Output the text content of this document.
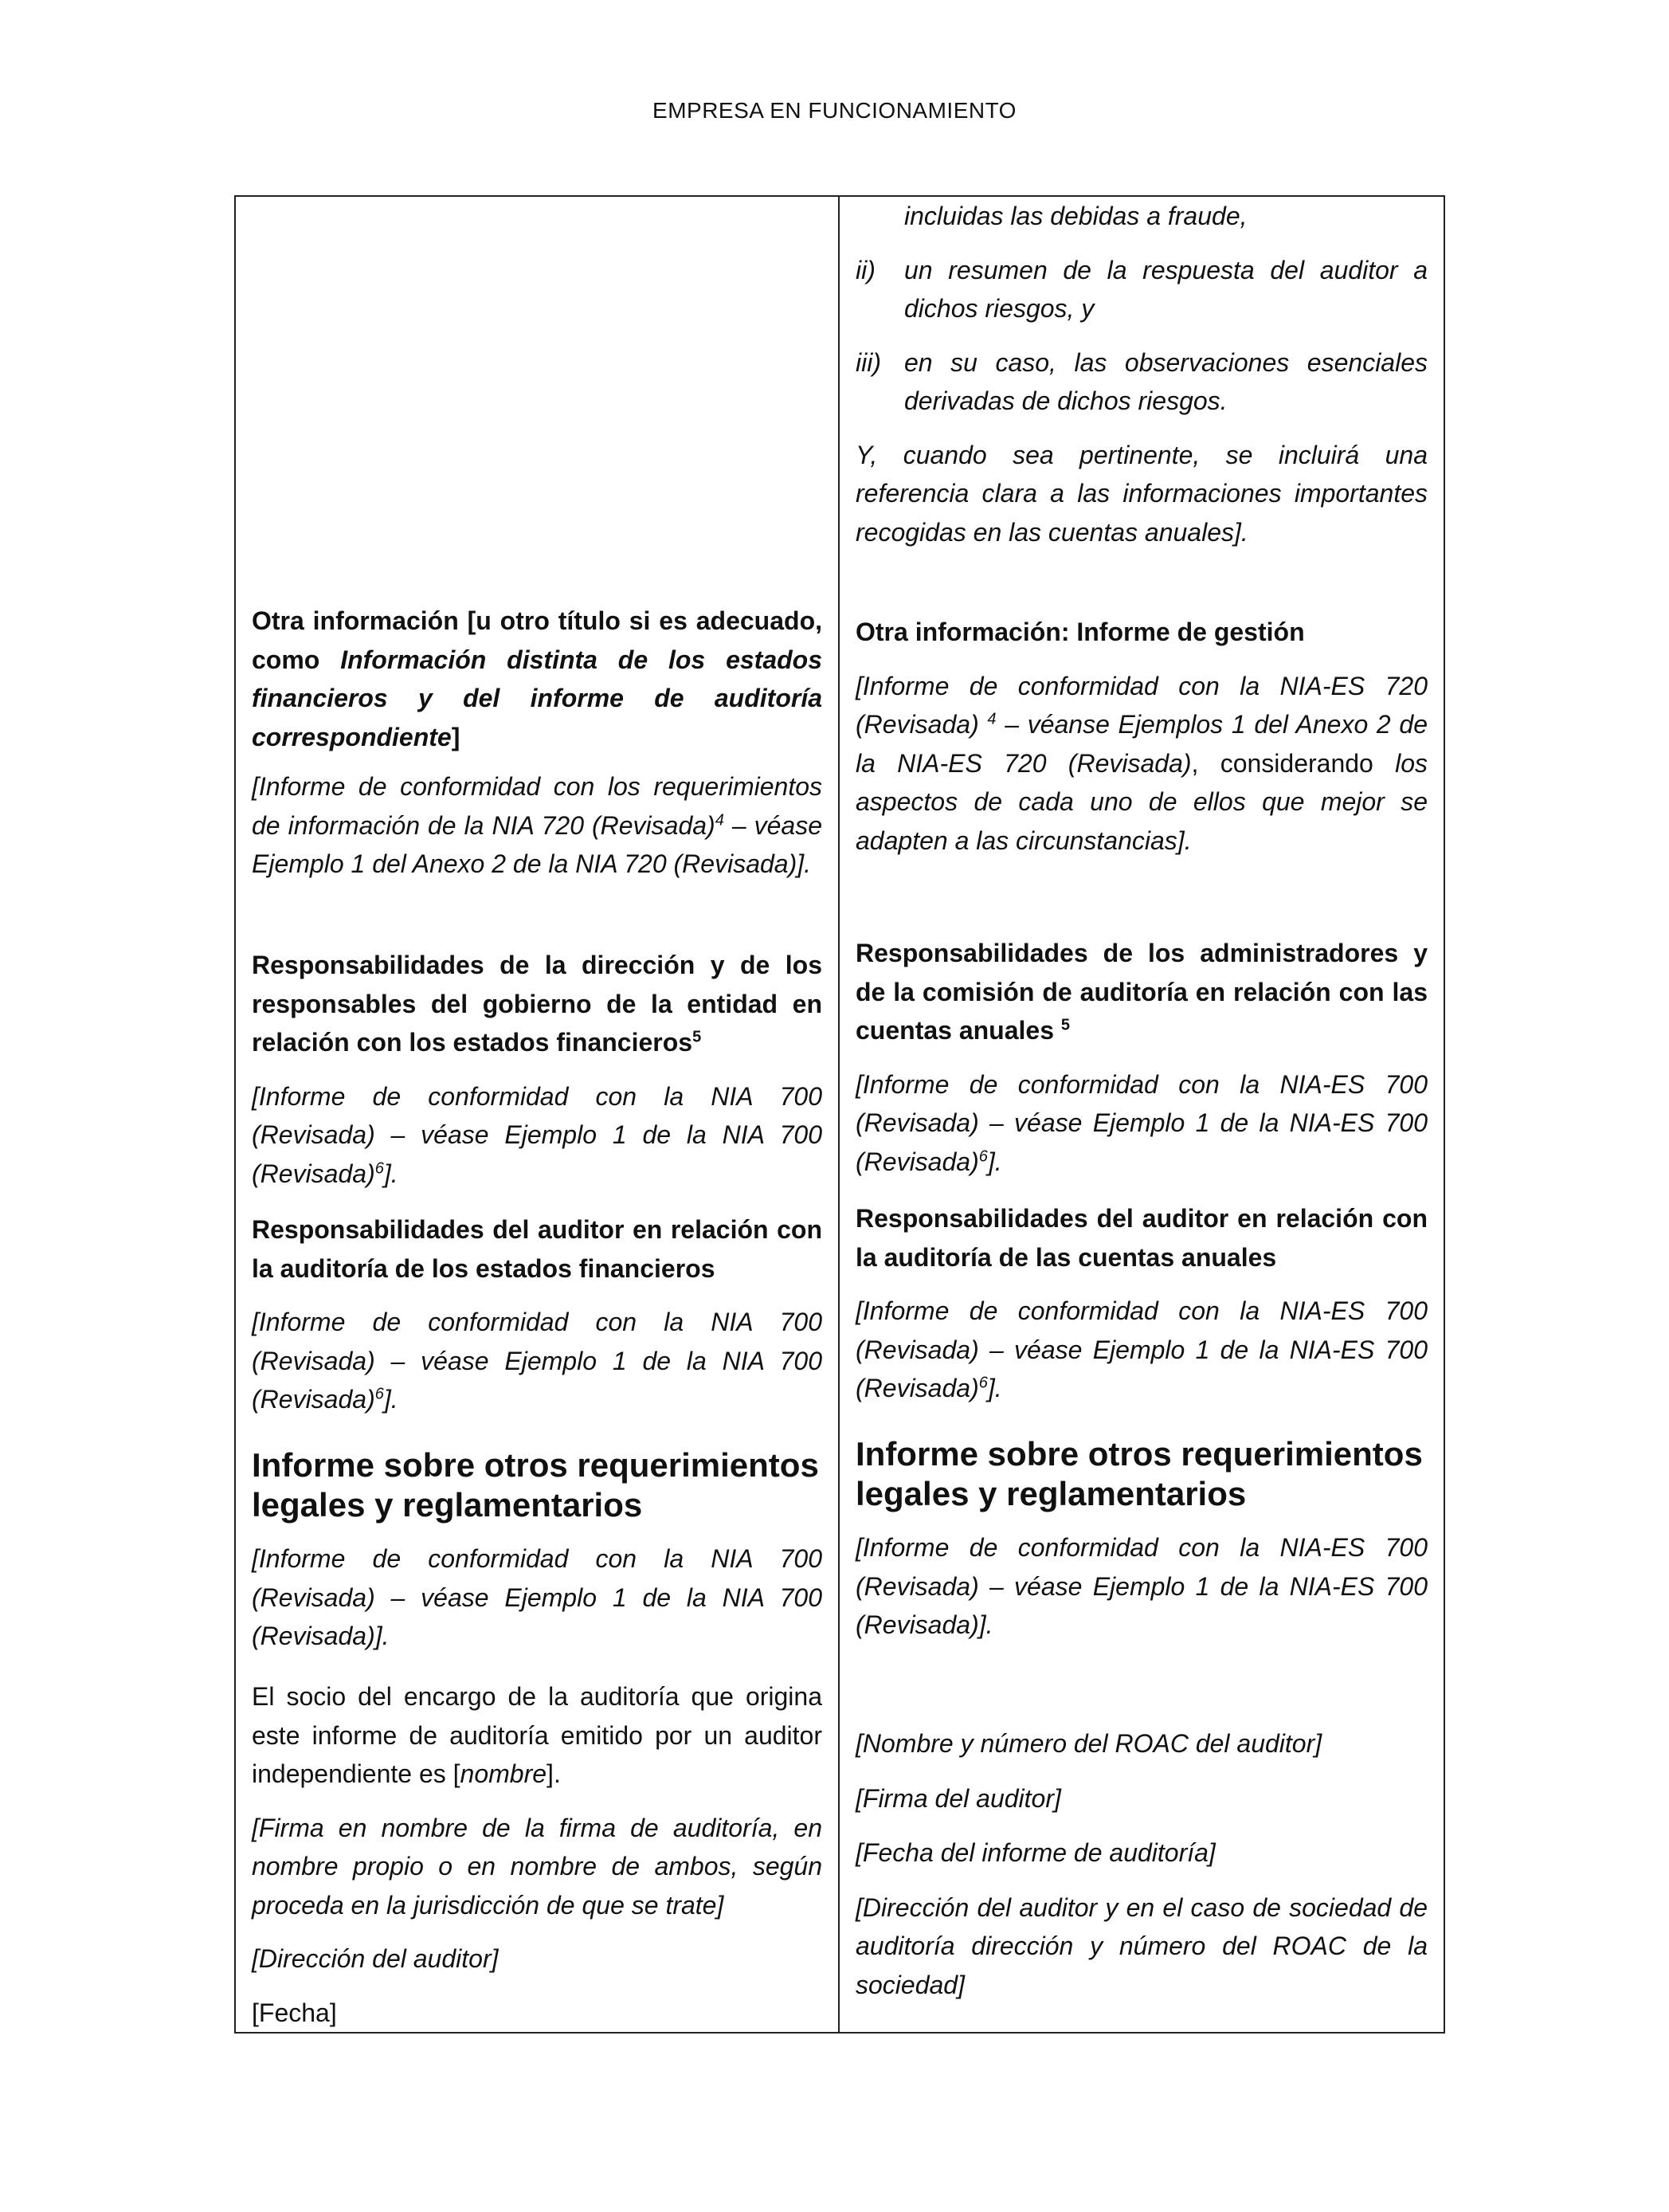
EMPRESA EN FUNCIONAMIENTO

Otra información [u otro título si es adecuado, como Información distinta de los estados financieros y del informe de auditoría correspondiente]

[Informe de conformidad con los requerimientos de información de la NIA 720 (Revisada)$^4$ – véase Ejemplo 1 del Anexo 2 de la NIA 720 (Revisada)].

Responsabilidades de la dirección y de los responsables del gobierno de la entidad en relación con los estados financieros$^5$

[Informe de conformidad con la NIA 700 (Revisada) – véase Ejemplo 1 de la NIA 700 (Revisada)$^6$].

Responsabilidades del auditor en relación con la auditoría de los estados financieros

[Informe de conformidad con la NIA 700 (Revisada) – véase Ejemplo 1 de la NIA 700 (Revisada)$^6$].

Informe sobre otros requerimientos legales y reglamentarios

[Informe de conformidad con la NIA 700 (Revisada) – véase Ejemplo 1 de la NIA 700 (Revisada)].

El socio del encargo de la auditoría que origina este informe de auditoría emitido por un auditor independiente es [nombre].

[Firma en nombre de la firma de auditoría, en nombre propio o en nombre de ambos, según proceda en la jurisdicción de que se trate]

[Dirección del auditor]

[Fecha]

incluidas las debidas a fraude,

ii)	un resumen de la respuesta del auditor a dichos riesgos, y

iii) en su caso, las observaciones esenciales derivadas de dichos riesgos.

Y, cuando sea pertinente, se incluirá una referencia clara a las informaciones importantes recogidas en las cuentas anuales].

Otra información: Informe de gestión

[Informe de conformidad con la NIA-ES 720 (Revisada) $^4$ – véanse Ejemplos 1 del Anexo 2 de la NIA-ES 720 (Revisada), considerando los aspectos de cada uno de ellos que mejor se adapten a las circunstancias].

Responsabilidades de los administradores y de la comisión de auditoría en relación con las cuentas anuales $^5$

[Informe de conformidad con la NIA-ES 700 (Revisada) – véase Ejemplo 1 de la NIA-ES 700 (Revisada)$^6$].

Responsabilidades del auditor en relación con la auditoría de las cuentas anuales

[Informe de conformidad con la NIA-ES 700 (Revisada) – véase Ejemplo 1 de la NIA-ES 700 (Revisada)$^6$].

Informe sobre otros requerimientos legales y reglamentarios

[Informe de conformidad con la NIA-ES 700 (Revisada) – véase Ejemplo 1 de la NIA-ES 700 (Revisada)].

[Nombre y número del ROAC del auditor]

[Firma del auditor]

[Fecha del informe de auditoría]

[Dirección del auditor y en el caso de sociedad de auditoría dirección y número del ROAC de la sociedad]
